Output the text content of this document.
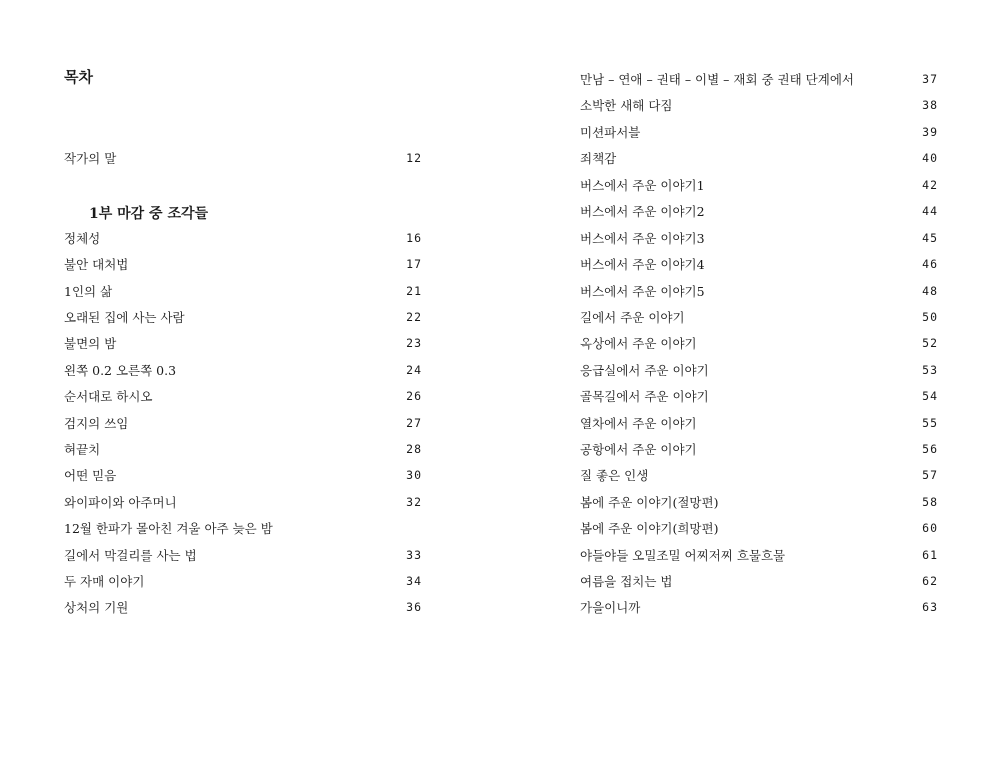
목차
작가의 말	12
1부 마감 중 조각들
정체성	16
불안 대처법	17
1인의 삶	21
오래된 집에 사는 사람	22
불면의 밤	23
왼쪽 0.2 오른쪽 0.3	24
순서대로 하시오	26
검지의 쓰임	27
혀끝치	28
어떤 믿음	30
와이파이와 아주머니	32
12월 한파가 몰아친 겨울 아주 늦은 밤
길에서 막걸리를 사는 법	33
두 자매 이야기	34
상처의 기원	36
만남 – 연애 – 권태 – 이별 – 재회 중 권태 단계에서	37
소박한 새해 다짐	38
미션파서블	39
죄책감	40
버스에서 주운 이야기1	42
버스에서 주운 이야기2	44
버스에서 주운 이야기3	45
버스에서 주운 이야기4	46
버스에서 주운 이야기5	48
길에서 주운 이야기	50
옥상에서 주운 이야기	52
응급실에서 주운 이야기	53
골목길에서 주운 이야기	54
열차에서 주운 이야기	55
공항에서 주운 이야기	56
질 좋은 인생	57
봄에 주운 이야기(절망편)	58
봄에 주운 이야기(희망편)	60
야들야들 오밀조밀 어찌저찌 흐물흐물	61
여름을 접치는 법	62
가을이니까	63
